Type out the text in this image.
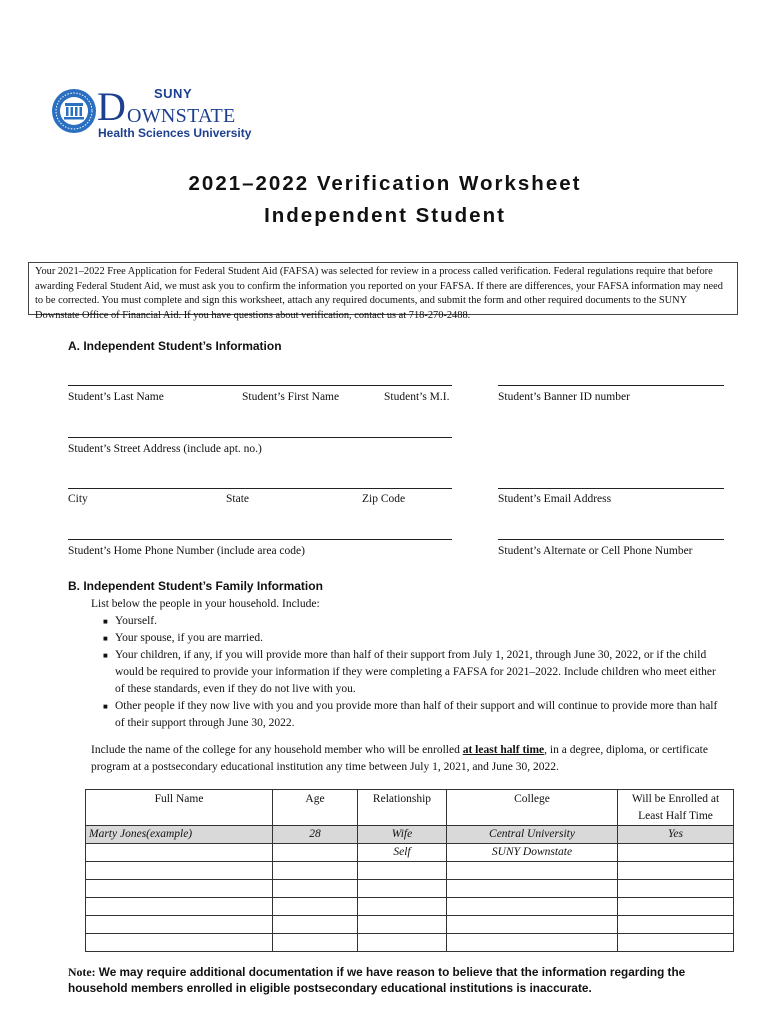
D SUNY
OWNSTATE
Health Sciences University
2021–2022 Verification Worksheet
Independent Student
Your 2021–2022 Free Application for Federal Student Aid (FAFSA) was selected for review in a process called verification. Federal regulations require that before awarding Federal Student Aid, we must ask you to confirm the information you reported on your FAFSA. If there are differences, your FAFSA information may need to be corrected. You must complete and sign this worksheet, attach any required documents, and submit the form and other required documents to the SUNY Downstate Office of Financial Aid. If you have questions about verification, contact us at 718-270-2488.
A. Independent Student’s Information
Student’s Last Name	Student’s First Name	Student’s M.I.	Student’s Banner ID number
Student’s Street Address (include apt. no.)
City	State	Zip Code	Student’s Email Address
Student’s Home Phone Number (include area code)	Student’s Alternate or Cell Phone Number
B. Independent Student’s Family Information
List below the people in your household. Include:
■ Yourself.
■ Your spouse, if you are married.
■ Your children, if any, if you will provide more than half of their support from July 1, 2021, through June 30, 2022, or if the child would be required to provide your information if they were completing a FAFSA for 2021–2022. Include children who meet either of these standards, even if they do not live with you.
■ Other people if they now live with you and you provide more than half of their support and will continue to provide more than half of their support through June 30, 2022.
Include the name of the college for any household member who will be enrolled at least half time, in a degree, diploma, or certificate program at a postsecondary educational institution any time between July 1, 2021, and June 30, 2022.
Full Name	Age	Relationship	College	Will be Enrolled at Least Half Time
Marty Jones(example)	28	Wife	Central University	Yes
		Self	SUNY Downstate	

Note: We may require additional documentation if we have reason to believe that the information regarding the household members enrolled in eligible postsecondary educational institutions is inaccurate.
